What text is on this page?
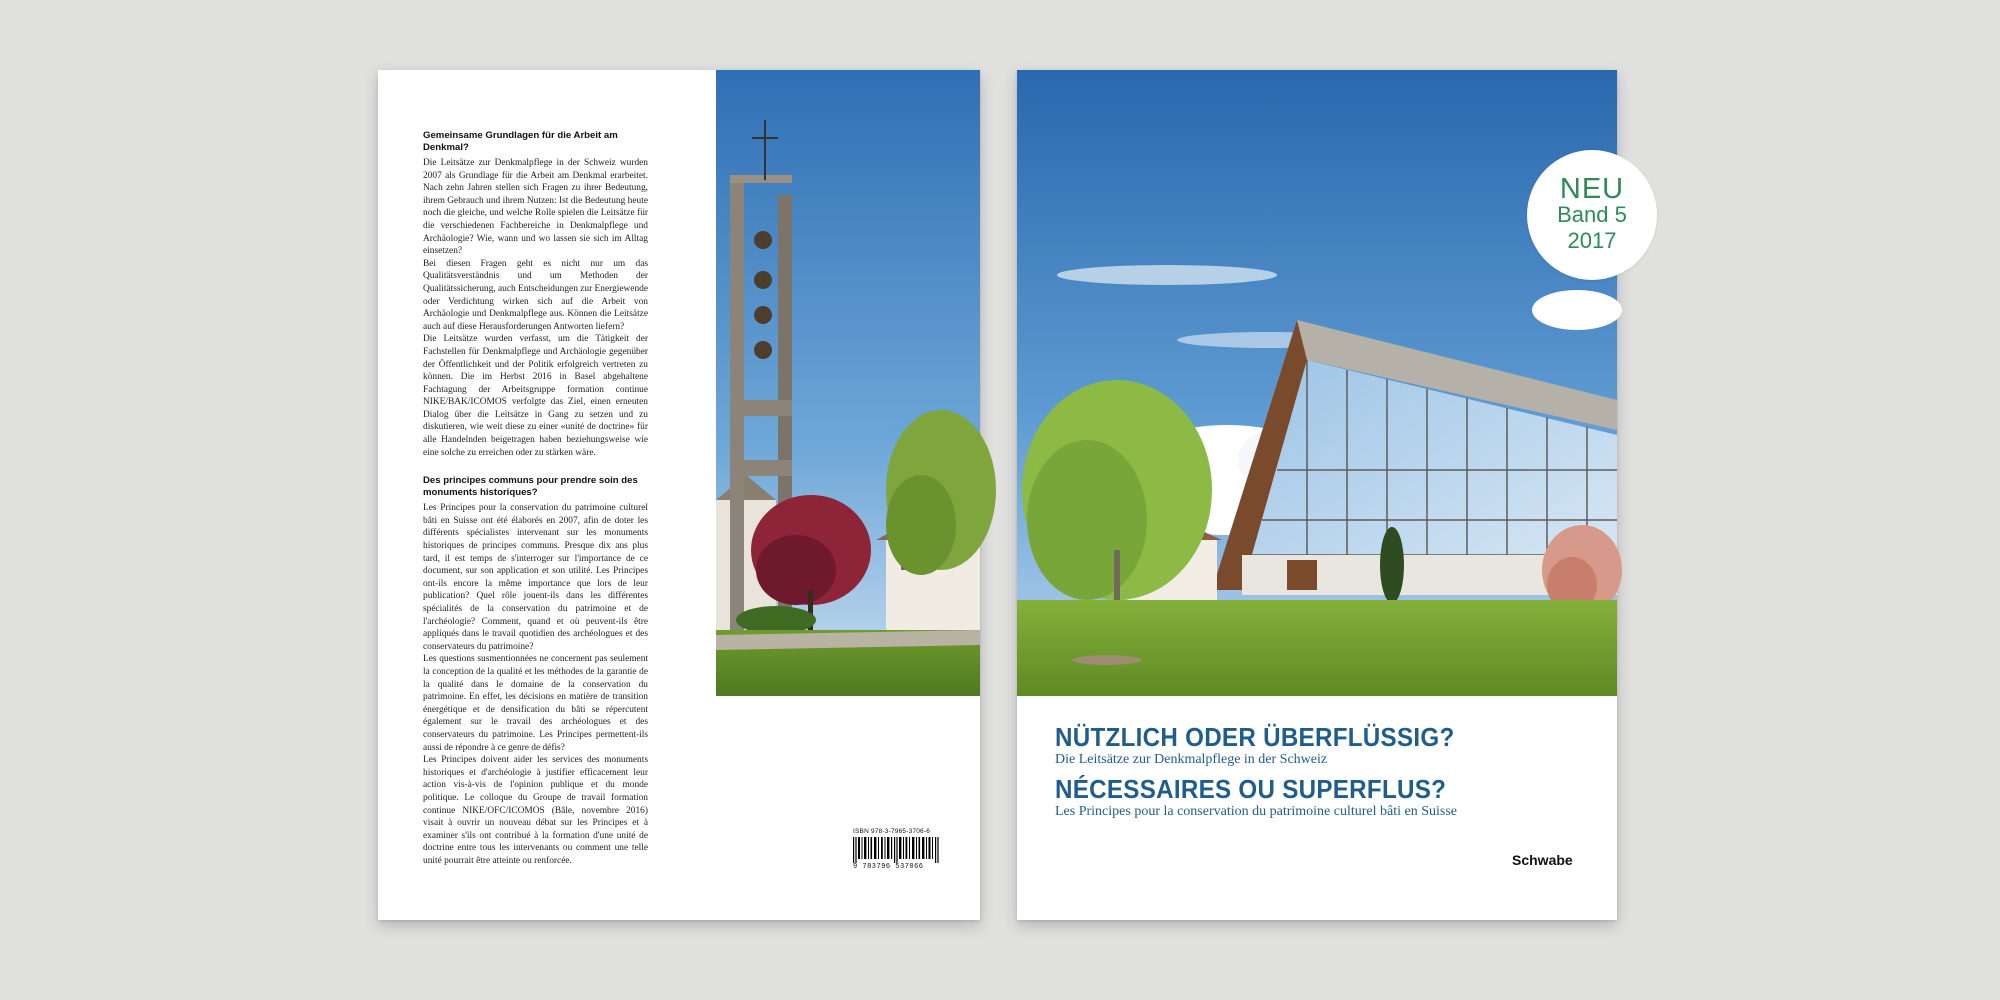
Gemeinsame Grundlagen für die Arbeit am Denkmal?

Die Leitsätze zur Denkmalpflege in der Schweiz wurden 2007 als Grundlage für die Arbeit am Denkmal erarbeitet. Nach zehn Jahren stellen sich Fragen zu ihrer Bedeutung, ihrem Gebrauch und ihrem Nutzen: Ist die Bedeutung heute noch die gleiche, und welche Rolle spielen die Leitsätze für die verschiedenen Fachbereiche in Denkmalpflege und Archäologie? Wie, wann und wo lassen sie sich im Alltag einsetzen?

Bei diesen Fragen geht es nicht nur um das Qualitätsverständnis und um Methoden der Qualitätssicherung, auch Entscheidungen zur Energiewende oder Verdichtung wirken sich auf die Arbeit von Archäologie und Denkmalpflege aus. Können die Leitsätze auch auf diese Herausforderungen Antworten liefern?

Die Leitsätze wurden verfasst, um die Tätigkeit der Fachstellen für Denkmalpflege und Archäologie gegenüber der Öffentlichkeit und der Politik erfolgreich vertreten zu können. Die im Herbst 2016 in Basel abgehaltene Fachtagung der Arbeitsgruppe formation continue NIKE/BAK/ICOMOS verfolgte das Ziel, einen erneuten Dialog über die Leitsätze in Gang zu setzen und zu diskutieren, wie weit diese zu einer «unité de doctrine» für alle Handelnden beigetragen haben beziehungsweise wie eine solche zu erreichen oder zu stärken wäre.

Des principes communs pour prendre soin des monuments historiques?

Les Principes pour la conservation du patrimoine culturel bâti en Suisse ont été élaborés en 2007, afin de doter les différents spécialistes intervenant sur les monuments historiques de principes communs. Presque dix ans plus tard, il est temps de s'interroger sur l'importance de ce document, sur son application et son utilité. Les Principes ont-ils encore la même importance que lors de leur publication? Quel rôle jouent-ils dans les différentes spécialités de la conservation du patrimoine et de l'archéologie? Comment, quand et où peuvent-ils être appliqués dans le travail quotidien des archéologues et des conservateurs du patrimoine?

Les questions susmentionnées ne concernent pas seulement la conception de la qualité et les méthodes de la garantie de la qualité dans le domaine de la conservation du patrimoine. En effet, les décisions en matière de transition énergétique et de densification du bâti se répercutent également sur le travail des archéologues et des conservateurs du patrimoine. Les Principes permettent-ils aussi de répondre à ce genre de défis?

Les Principes doivent aider les services des monuments historiques et d'archéologie à justifier efficacement leur action vis-à-vis de l'opinion publique et du monde politique. Le colloque du Groupe de travail formation continue NIKE/OFC/ICOMOS (Bâle, novembre 2016) visait à ouvrir un nouveau débat sur les Principes et à examiner s'ils ont contribué à la formation d'une unité de doctrine entre tous les intervenants ou comment une telle unité pourrait être atteinte ou renforcée.

ISBN 978-3-7965-3706-6
9 783796 537066
NEU
Band 5
2017

NÜTZLICH ODER ÜBERFLÜSSIG?

Die Leitsätze zur Denkmalpflege in der Schweiz

NÉCESSAIRES OU SUPERFLUS?

Les Principes pour la conservation du patrimoine culturel bâti en Suisse

Schwabe
